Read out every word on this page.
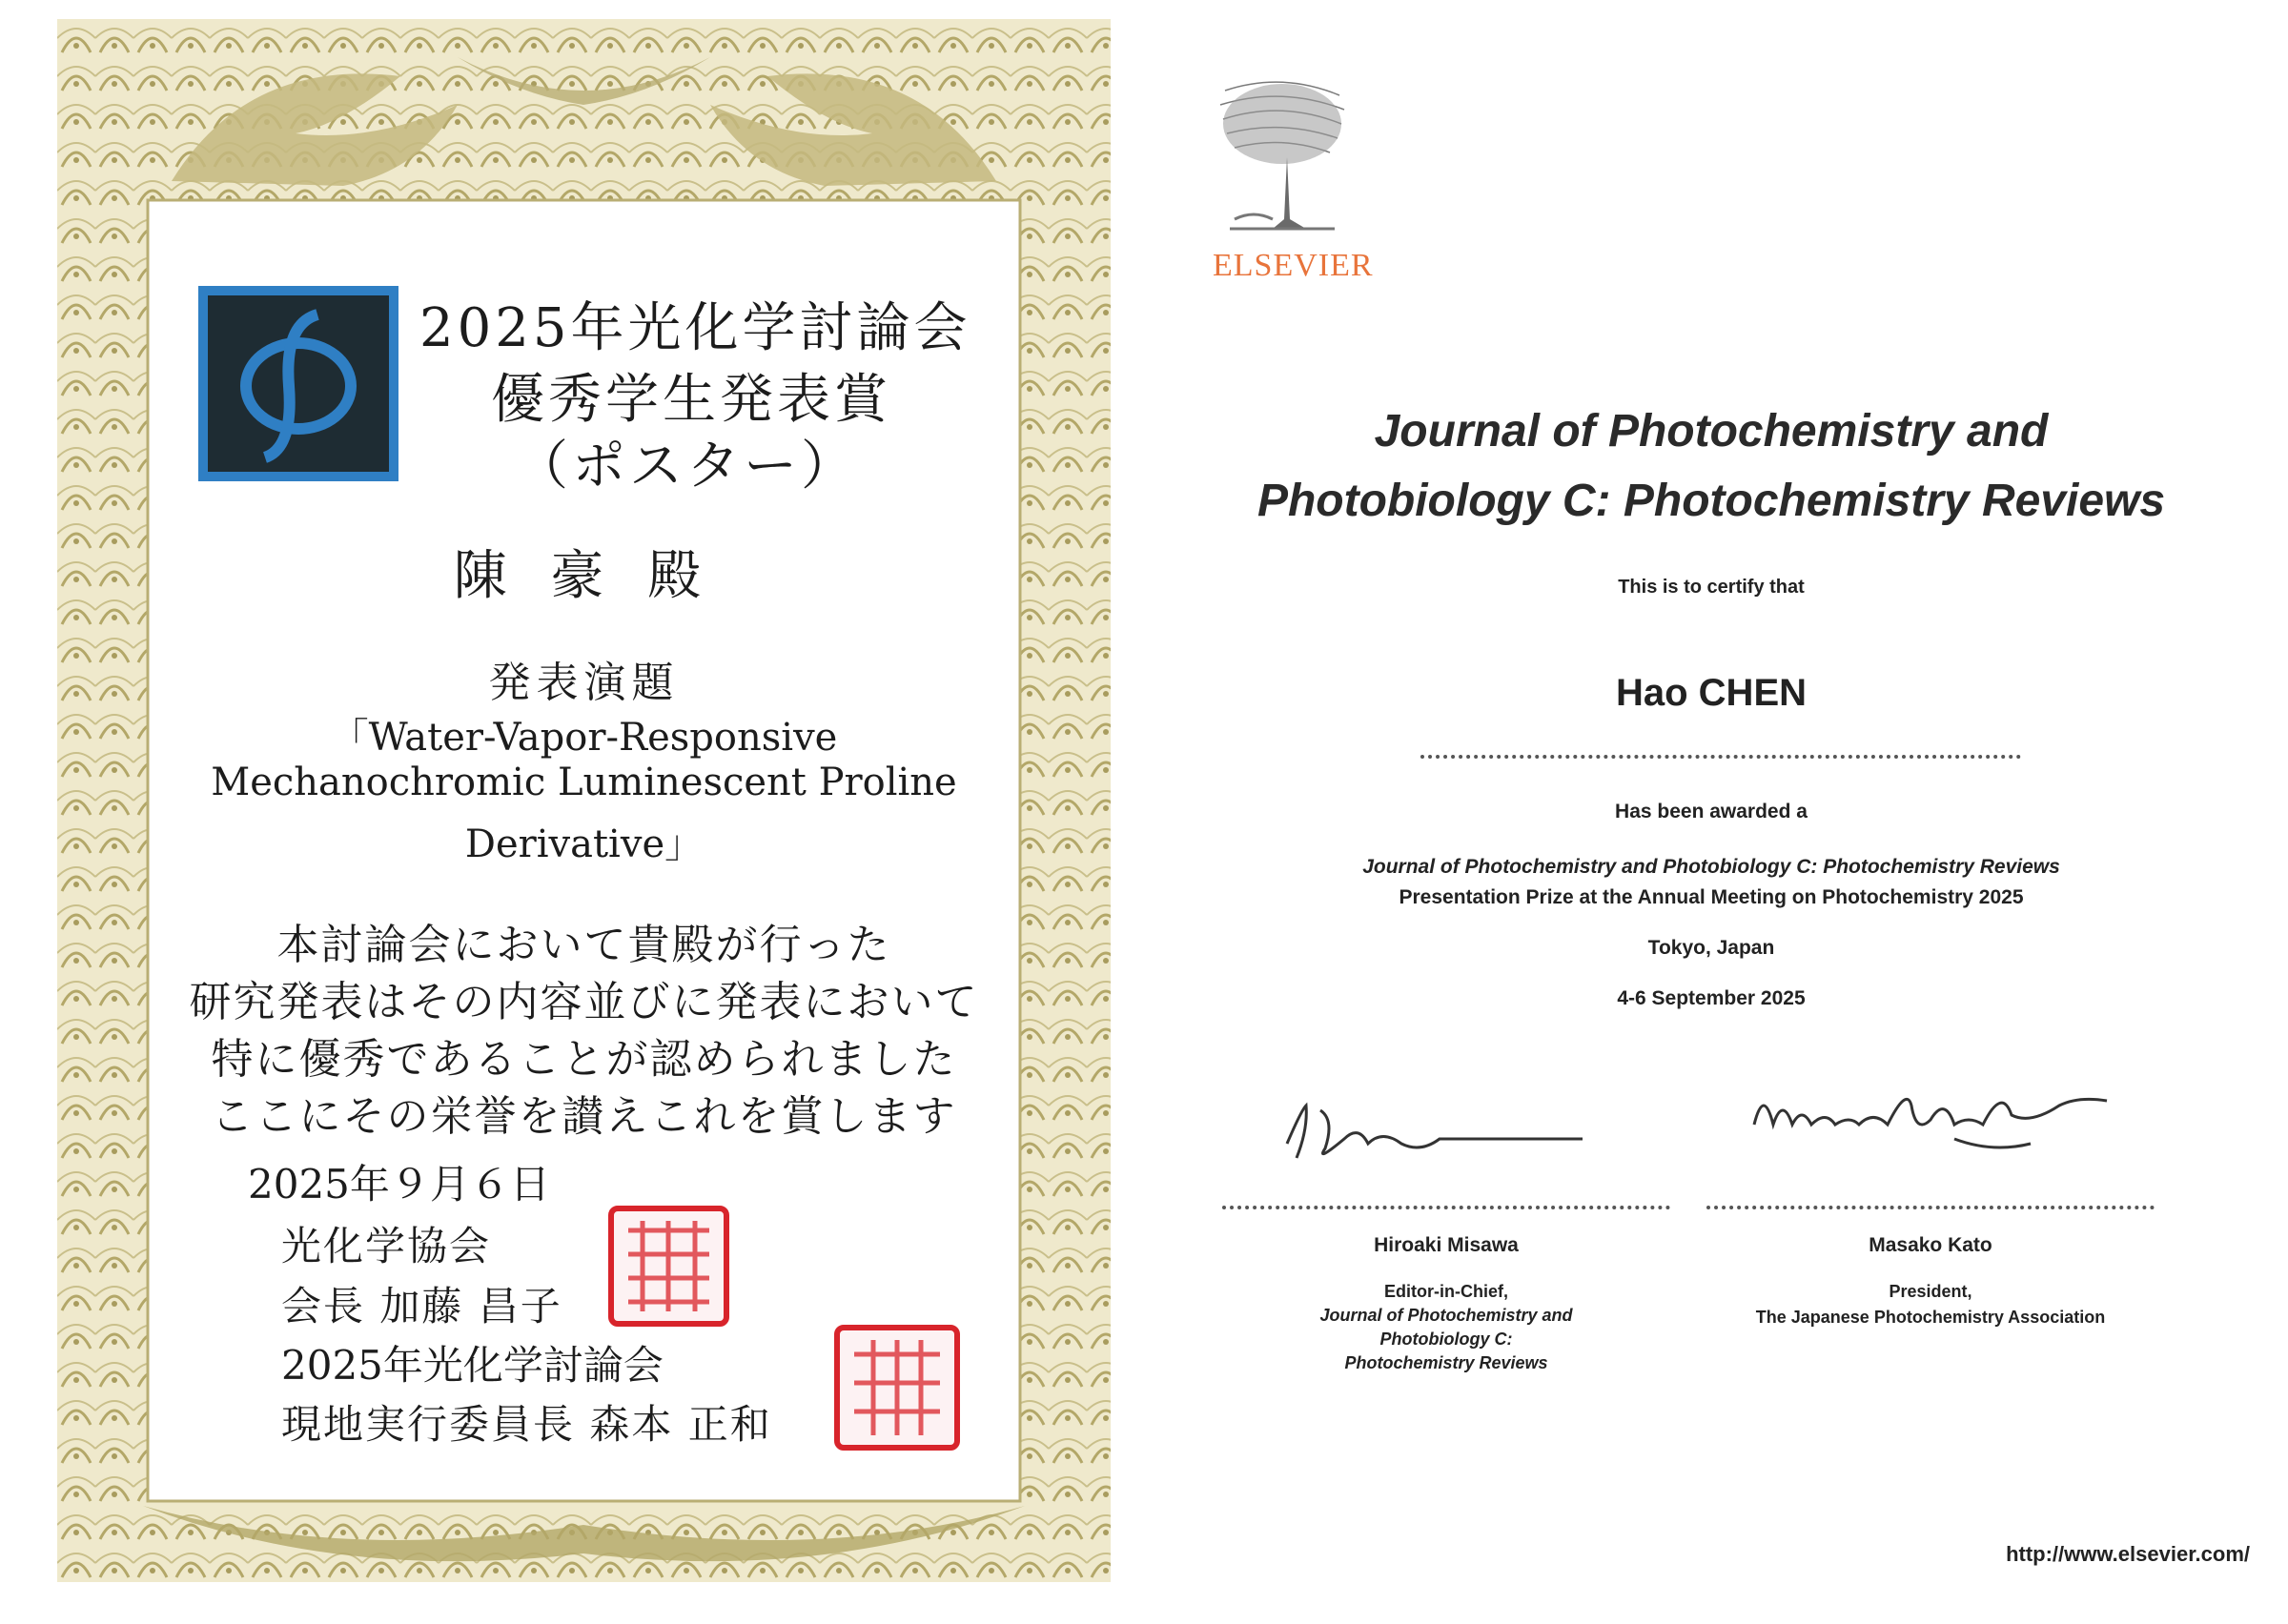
2025年光化学討論会
優秀学生発表賞
（ポスター）
陳 豪 殿
発表演題
「Water-Vapor-Responsive
Mechanochromic Luminescent Proline
Derivative」
本討論会において貴殿が行った
研究発表はその内容並びに発表において
特に優秀であることが認められました
ここにその栄誉を讃えこれを賞します
2025年９月６日
光化学協会
会長 加藤 昌子
2025年光化学討論会
現地実行委員長 森本 正和
ELSEVIER
Journal of Photochemistry and
Photobiology C: Photochemistry Reviews
This is to certify that
Hao CHEN
Has been awarded a
Journal of Photochemistry and Photobiology C: Photochemistry Reviews
Presentation Prize at the Annual Meeting on Photochemistry 2025
Tokyo, Japan
4-6 September 2025
Hiroaki Misawa
Editor-in-Chief,
Journal of Photochemistry and
Photobiology C:
Photochemistry Reviews
Masako Kato
President,
The Japanese Photochemistry Association
http://www.elsevier.com/
